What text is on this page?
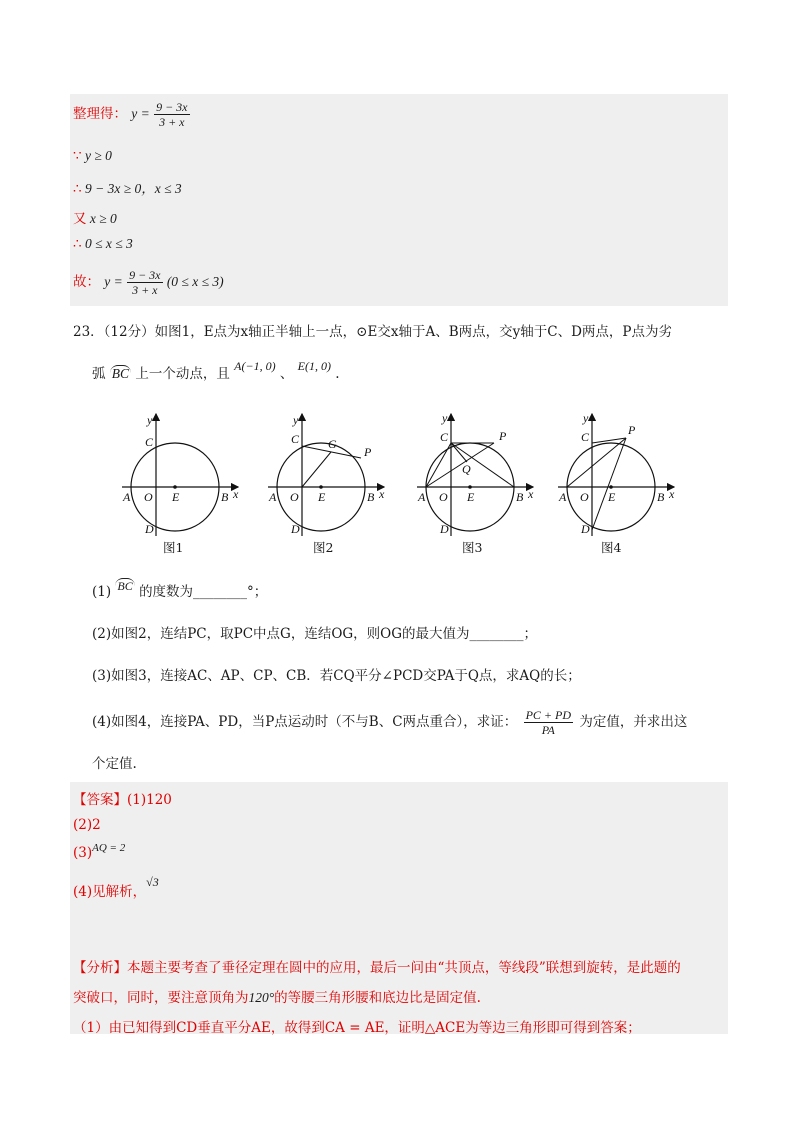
整理得： $y = \frac{9 - 3x}{3 + x}$
∵ y ≥ 0
∴ 9 − 3x ≥ 0，x ≤ 3
又 x ≥ 0
∴ 0 ≤ x ≤ 3
故： $y = \frac{9 - 3x}{3 + x} (0 \le x \le 3)$
23．（12分）如图1，E点为x轴正半轴上一点，⊙E交x轴于A、B两点，交y轴于C、D两点，P点为劣
弧 BC 上一个动点，且 A(−1, 0) 、 E(1, 0) .
y
C
A O E	B x
D
图1
y
C G
P
A O E	B x
D
图2
y
C	P
Q
A O E	B x
D
图3
y
C	P
A O E	B x
D
图4
(1) BC 的度数为________°；
(2)如图2，连结PC，取PC中点G，连结OG，则OG的最大值为________；
(3)如图3，连接AC、AP、CP、CB．若CQ平分∠PCD交PA于Q点，求AQ的长；
(4)如图4，连接PA、PD，当P点运动时（不与B、C两点重合），求证： $\frac{PC + PD}{PA}$ 为定值，并求出这
个定值.
【答案】(1)120
(2)2
$(3)^{AQ = 2}$
(4)见解析，√3
【分析】本题主要考查了垂径定理在圆中的应用，最后一问由“共顶点，等线段”联想到旋转，是此题的
突破口，同时，要注意顶角为120°的等腰三角形腰和底边比是固定值.
（1）由已知得到CD垂直平分AE，故得到CA = AE，证明△ACE为等边三角形即可得到答案；
